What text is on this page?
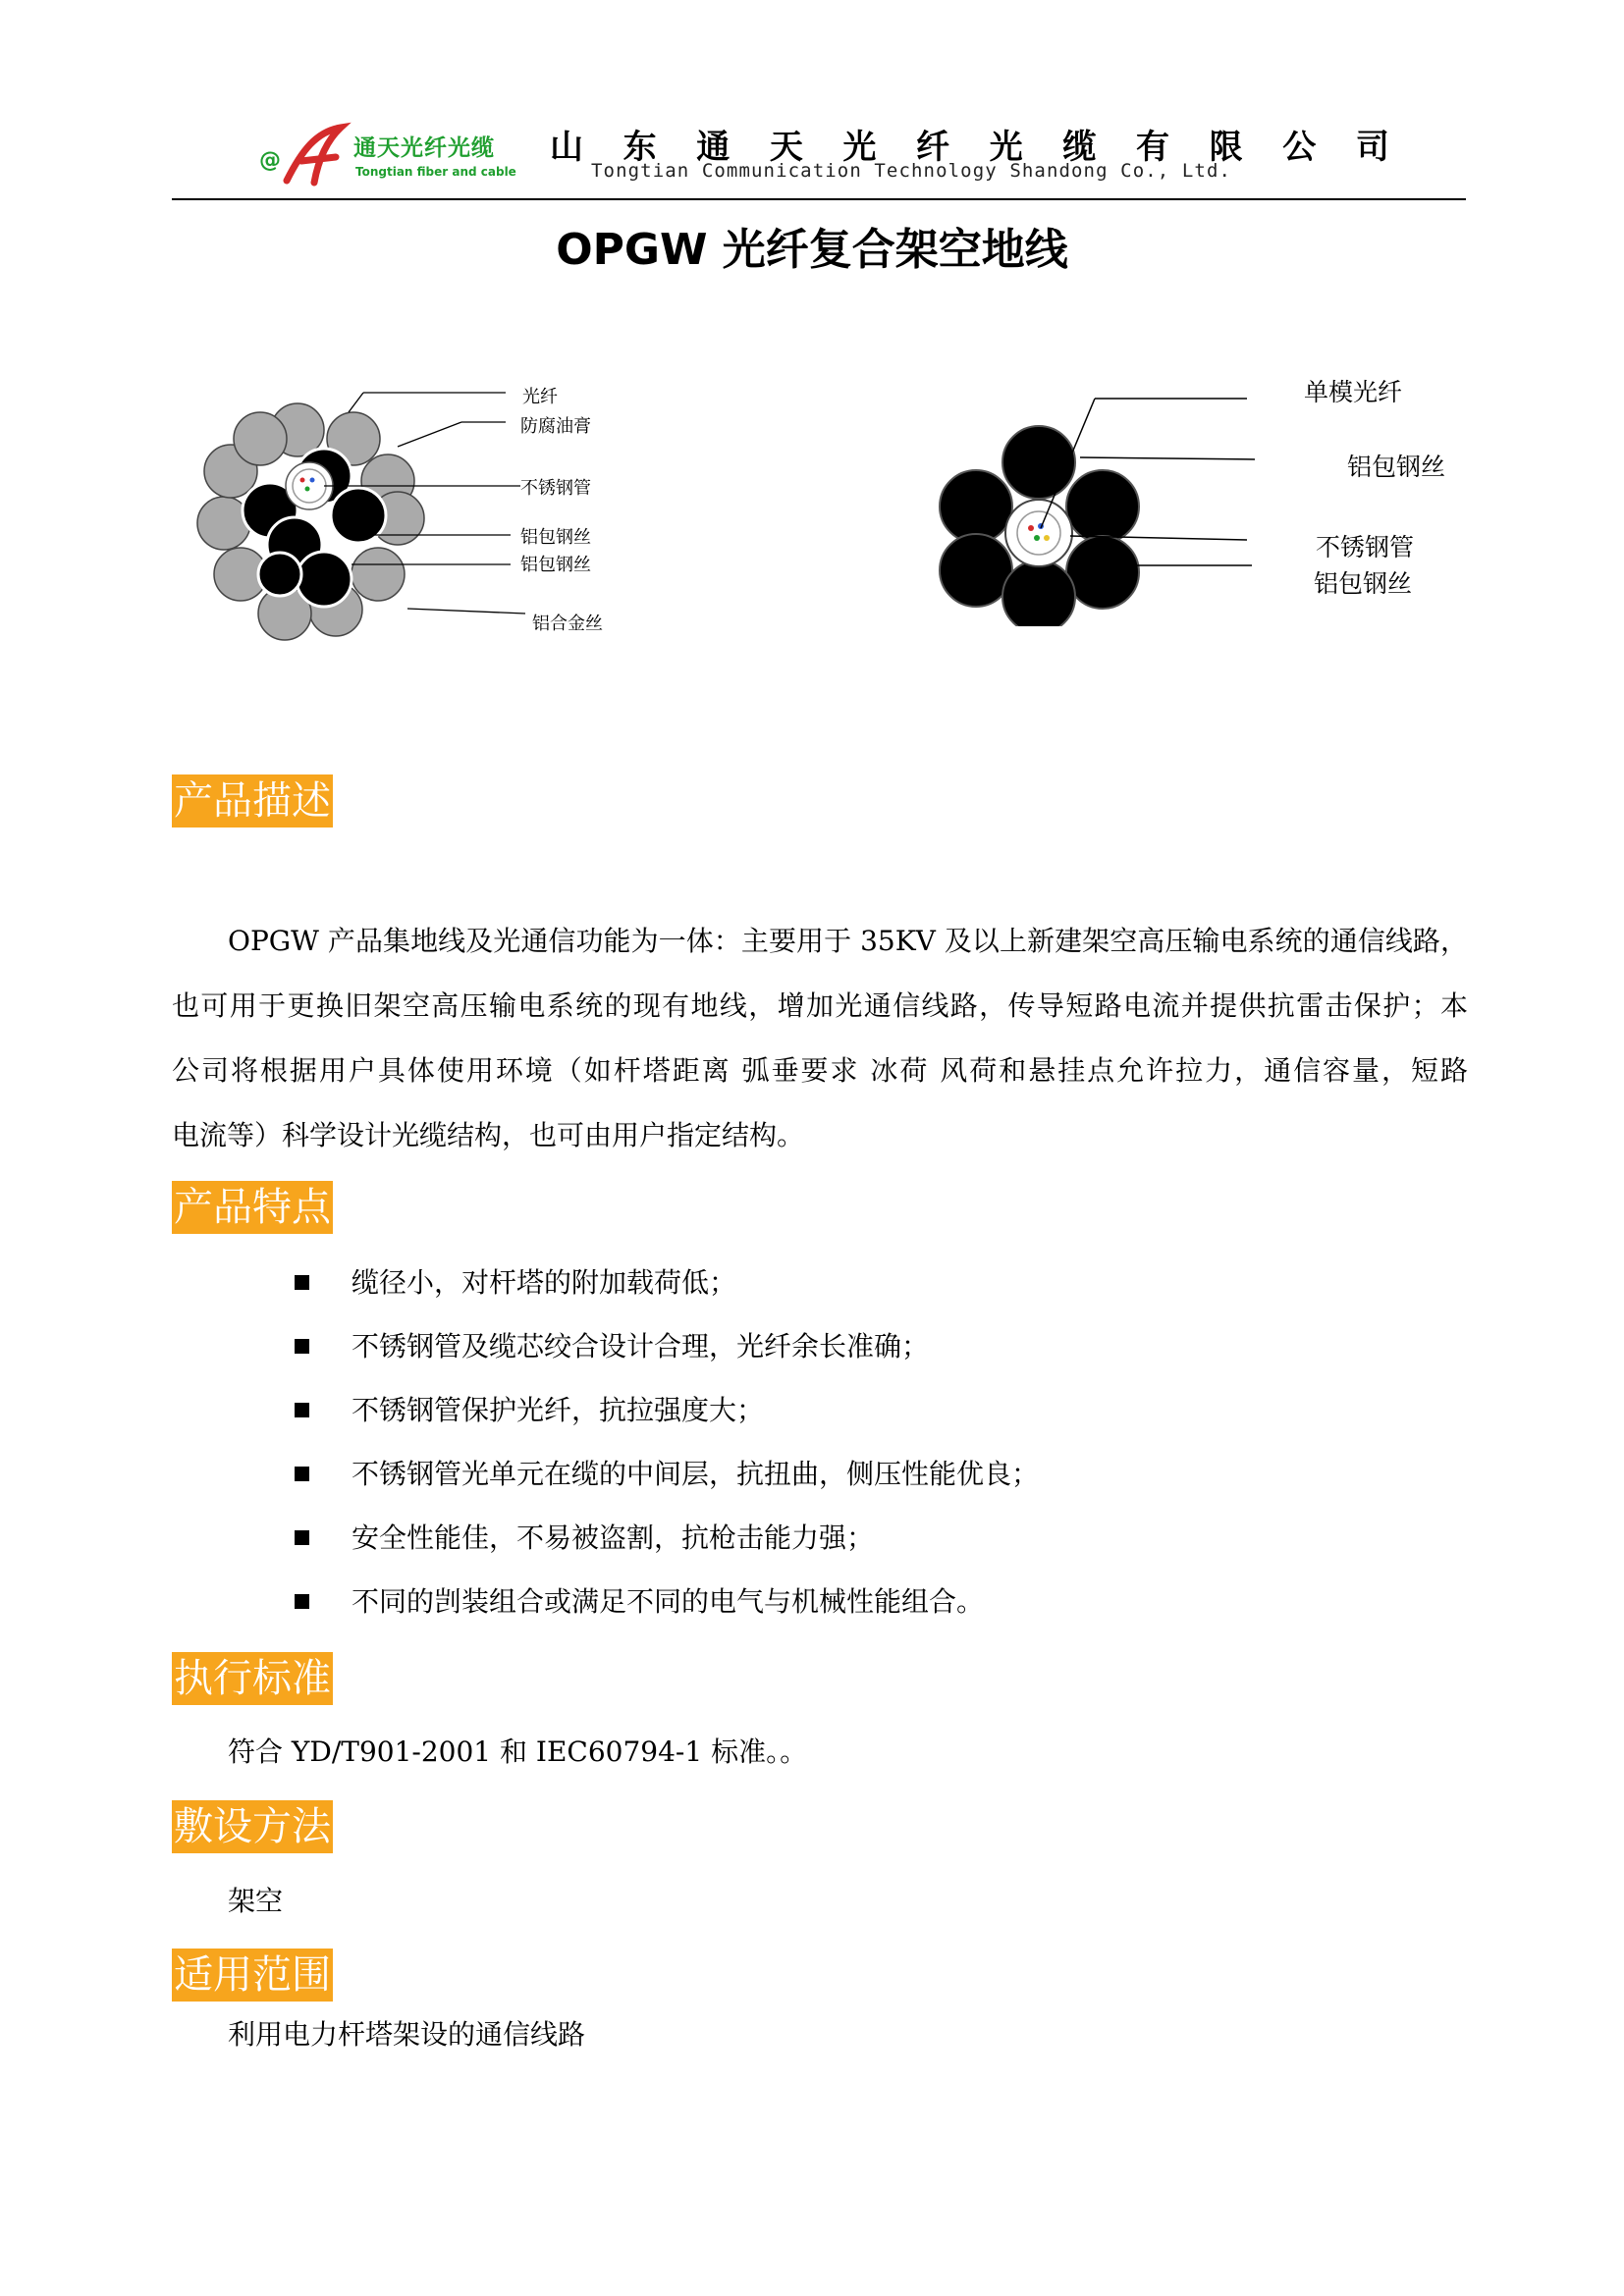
@	通天光纤光缆
Tongtian fiber and cable
山 东 通 天 光 纤 光 缆 有 限 公 司
Tongtian Communication Technology Shandong Co., Ltd.
OPGW 光纤复合架空地线
光纤
防腐油膏
不锈钢管
铝包钢丝
铝包钢丝
铝合金丝
单模光纤
铝包钢丝
不锈钢管
铝包钢丝
产品描述
OPGW 产品集地线及光通信功能为一体：主要用于 35KV 及以上新建架空高压输电系统的通信线路，
也可用于更换旧架空高压输电系统的现有地线，增加光通信线路，传导短路电流并提供抗雷击保护；本
公司将根据用户具体使用环境（如杆塔距离 弧垂要求 冰荷 风荷和悬挂点允许拉力，通信容量，短路
电流等）科学设计光缆结构，也可由用户指定结构。
产品特点
缆径小，对杆塔的附加载荷低；
不锈钢管及缆芯绞合设计合理，光纤余长准确；
不锈钢管保护光纤，抗拉强度大；
不锈钢管光单元在缆的中间层，抗扭曲，侧压性能优良；
安全性能佳，不易被盗割，抗枪击能力强；
不同的剀装组合或满足不同的电气与机械性能组合。
执行标准
符合 YD/T901-2001 和 IEC60794-1 标准。。
敷设方法
架空
适用范围
利用电力杆塔架设的通信线路
